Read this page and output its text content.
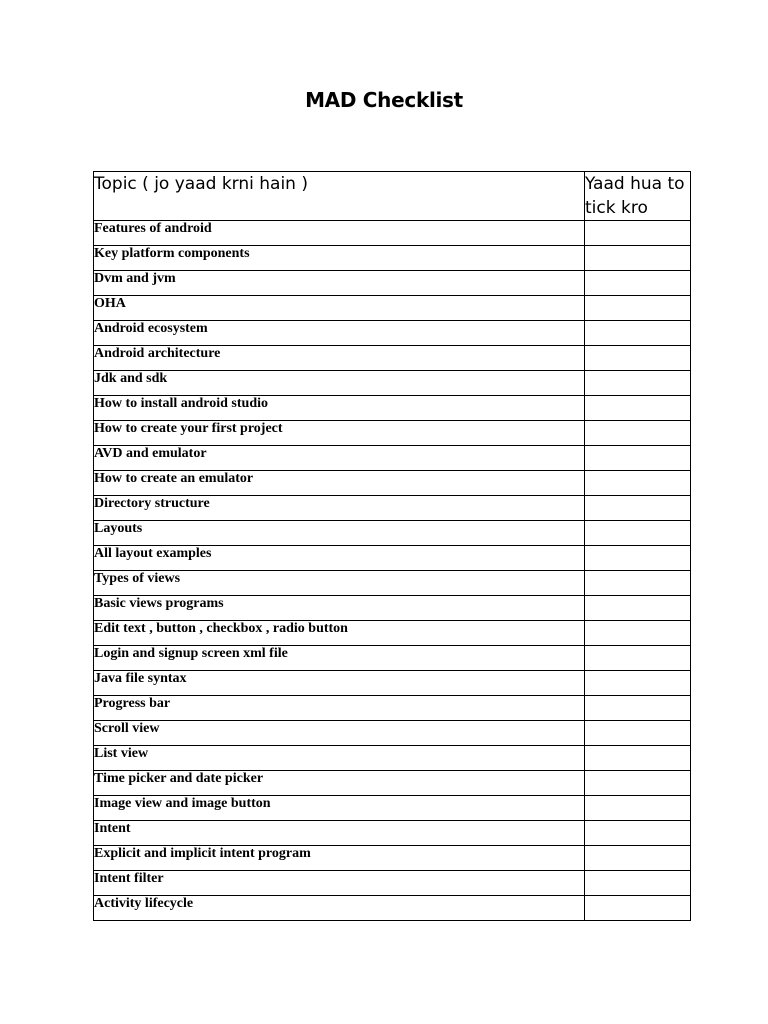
MAD Checklist
Topic ( jo yaad krni hain )	Yaad hua to tick kro
Features of android	
Key platform components	
Dvm and jvm	
OHA	
Android ecosystem	
Android architecture	
Jdk and sdk	
How to install android studio	
How to create your first project	
AVD and emulator	
How to create an emulator	
Directory structure	
Layouts	
All layout examples	
Types of views	
Basic views programs	
Edit text , button , checkbox , radio button	
Login and signup screen xml file	
Java file syntax	
Progress bar	
Scroll view	
List view	
Time picker and date picker	
Image view and image button	
Intent	
Explicit and implicit intent program	
Intent filter	
Activity lifecycle	
